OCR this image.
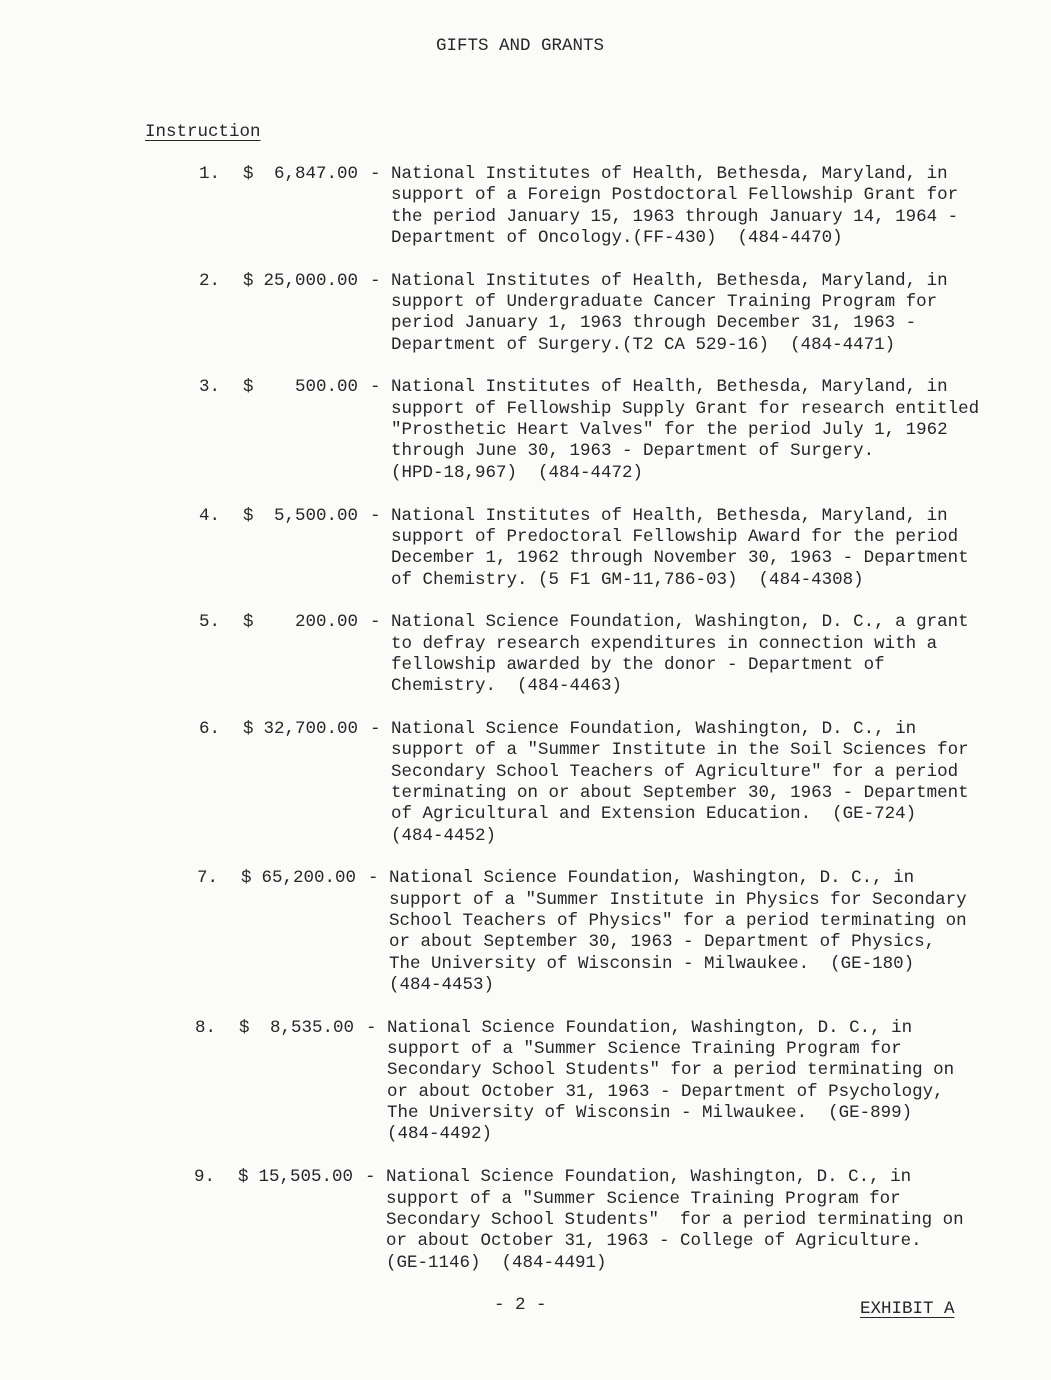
GIFTS AND GRANTS
Instruction
1. $	6,847.00 - National Institutes of Health, Bethesda, Maryland, in
support of a Foreign Postdoctoral Fellowship Grant for
the period January 15, 1963 through January 14, 1964 -
Department of Oncology.(FF-430)  (484-4470)
2. $ 25,000.00 - National Institutes of Health, Bethesda, Maryland, in
support of Undergraduate Cancer Training Program for
period January 1, 1963 through December 31, 1963 -
Department of Surgery.(T2 CA 529-16)  (484-4471)
3. $	500.00 - National Institutes of Health, Bethesda, Maryland, in
support of Fellowship Supply Grant for research entitled
"Prosthetic Heart Valves" for the period July 1, 1962
through June 30, 1963 - Department of Surgery.
(HPD-18,967)  (484-4472)
4. $	5,500.00 - National Institutes of Health, Bethesda, Maryland, in
support of Predoctoral Fellowship Award for the period
December 1, 1962 through November 30, 1963 - Department
of Chemistry. (5 F1 GM-11,786-03)  (484-4308)
5. $	200.00 - National Science Foundation, Washington, D. C., a grant
to defray research expenditures in connection with a
fellowship awarded by the donor - Department of
Chemistry.  (484-4463)
6. $ 32,700.00 - National Science Foundation, Washington, D. C., in
support of a "Summer Institute in the Soil Sciences for
Secondary School Teachers of Agriculture" for a period
terminating on or about September 30, 1963 - Department
of Agricultural and Extension Education.  (GE-724)
(484-4452)
7. $ 65,200.00 - National Science Foundation, Washington, D. C., in
support of a "Summer Institute in Physics for Secondary
School Teachers of Physics" for a period terminating on
or about September 30, 1963 - Department of Physics,
The University of Wisconsin - Milwaukee.  (GE-180)
(484-4453)
8. $	8,535.00 - National Science Foundation, Washington, D. C., in
support of a "Summer Science Training Program for
Secondary School Students" for a period terminating on
or about October 31, 1963 - Department of Psychology,
The University of Wisconsin - Milwaukee.  (GE-899)
(484-4492)
9. $ 15,505.00 - National Science Foundation, Washington, D. C., in
support of a "Summer Science Training Program for
Secondary School Students"  for a period terminating on
or about October 31, 1963 - College of Agriculture.
(GE-1146)  (484-4491)
- 2 -	EXHIBIT A
